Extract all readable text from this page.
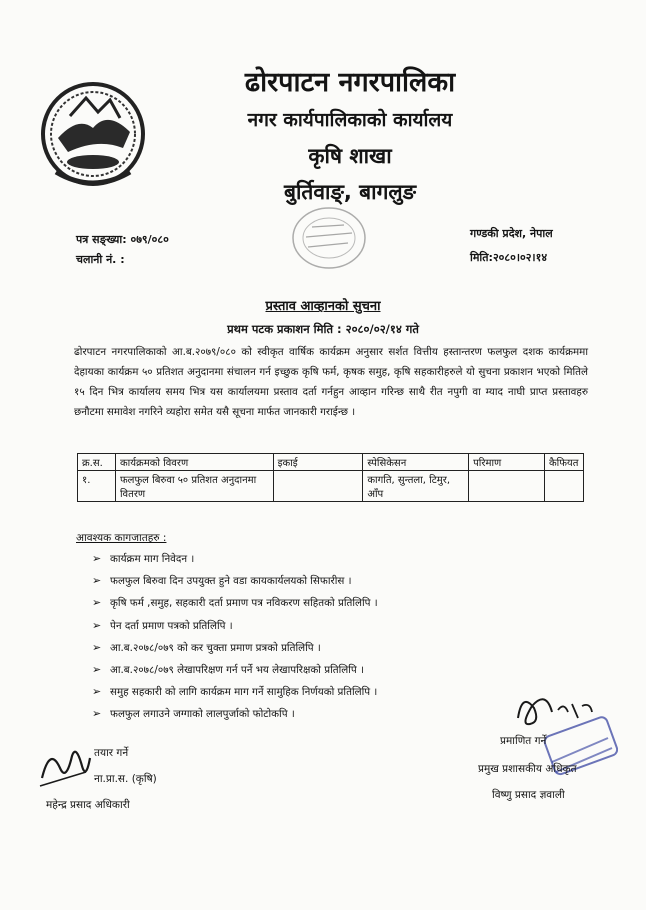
ढोरपाटन नगरपालिका
नगर कार्यपालिकाको कार्यालय
कृषि शाखा
बुर्तिवाङ्, बागलुङ
पत्र सङ्ख्या: ०७९/०८०
चलानी नं. :
गण्डकी प्रदेश, नेपाल
मिति:२०८०।०२।१४
प्रस्ताव आव्हानको सुचना
प्रथम पटक प्रकाशन मिति : २०८०/०२/१४ गते
ढोरपाटन नगरपालिकाको आ.ब.२०७९/०८० को स्वीकृत वार्षिक कार्यक्रम अनुसार सर्शत वित्तीय हस्तान्तरण फलफुल दशक कार्यक्रममा देहायका कार्यक्रम ५० प्रतिशत अनुदानमा संचालन गर्न इच्छुक कृषि फर्म, कृषक समुह, कृषि सहकारीहरुले यो सुचना प्रकाशन भएको मितिले १५ दिन भित्र कार्यालय समय भित्र यस कार्यालयमा प्रस्ताव दर्ता गर्नहुन आव्हान गरिन्छ साथै रीत नपुगी वा म्याद नाघी प्राप्त प्रस्तावहरु छनौटमा समावेश नगरिने व्यहोरा समेत यसै सूचना मार्फत जानकारी गराईन्छ ।
क्र.स.	कार्यक्रमको विवरण	इकाई	स्पेसिकेसन	परिमाण	कैफियत
१.	फलफुल बिरुवा ५० प्रतिशत अनुदानमा वितरण		कागति, सुन्तला, टिमुर, आँप		
आवश्यक कागजातहरु :
➢ कार्यक्रम माग निवेदन ।
➢ फलफुल बिरुवा दिन उपयुक्त हुने वडा कायकार्यलयको सिफारीस ।
➢ कृषि फर्म ,समुह, सहकारी दर्ता प्रमाण पत्र नविकरण सहितको प्रतिलिपि ।
➢ पेन दर्ता प्रमाण पत्रको प्रतिलिपि ।
➢ आ.ब.२०७८/०७९ को कर चुक्ता प्रमाण प्रत्रको प्रतिलिपि ।
➢ आ.ब.२०७८/०७९ लेखापरिक्षण गर्न पर्ने भय लेखापरिक्षको प्रतिलिपि ।
➢ समुह सहकारी को लागि कार्यक्रम माग गर्ने सामुहिक निर्णयको प्रतिलिपि ।
➢ फलफुल लगाउने जग्गाको लालपुर्जाको फोटोकपि ।
तयार गर्ने
ना.प्रा.स. (कृषि)
महेन्द्र प्रसाद अधिकारी
प्रमाणित गर्ने
प्रमुख प्रशासकीय अधिकृत
विष्णु प्रसाद ज्ञवाली
